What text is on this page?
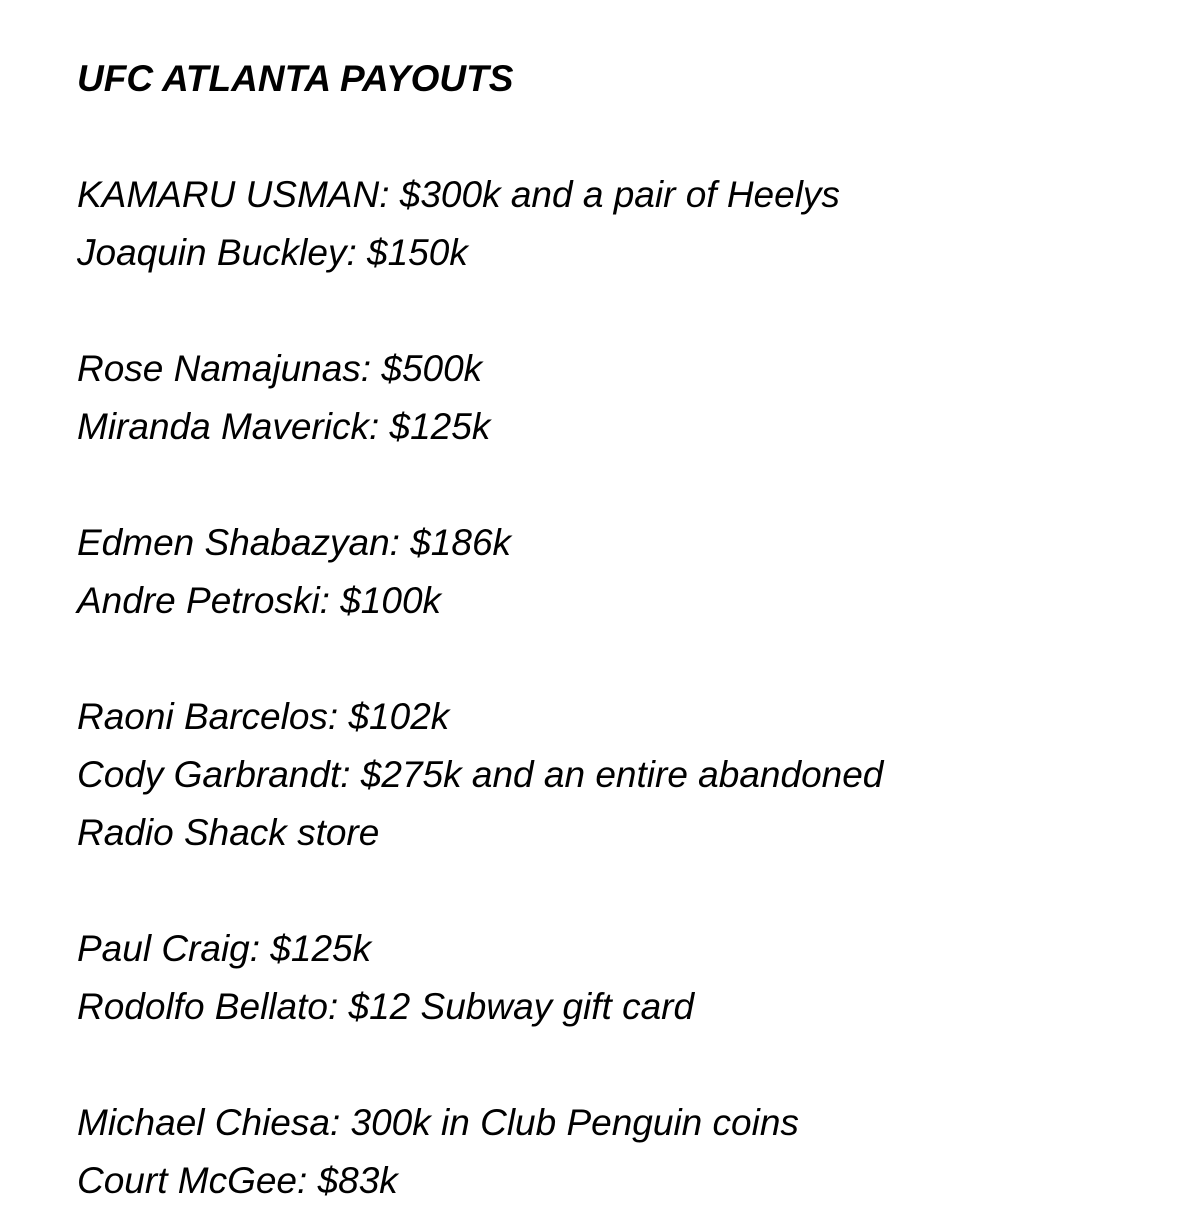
UFC ATLANTA PAYOUTS

KAMARU USMAN: $300k and a pair of Heelys

Joaquin Buckley: $150k

Rose Namajunas: $500k

Miranda Maverick: $125k

Edmen Shabazyan: $186k

Andre Petroski: $100k

Raoni Barcelos: $102k

Cody Garbrandt: $275k and an entire abandoned

Radio Shack store

Paul Craig: $125k

Rodolfo Bellato: $12 Subway gift card

Michael Chiesa: 300k in Club Penguin coins

Court McGee: $83k
